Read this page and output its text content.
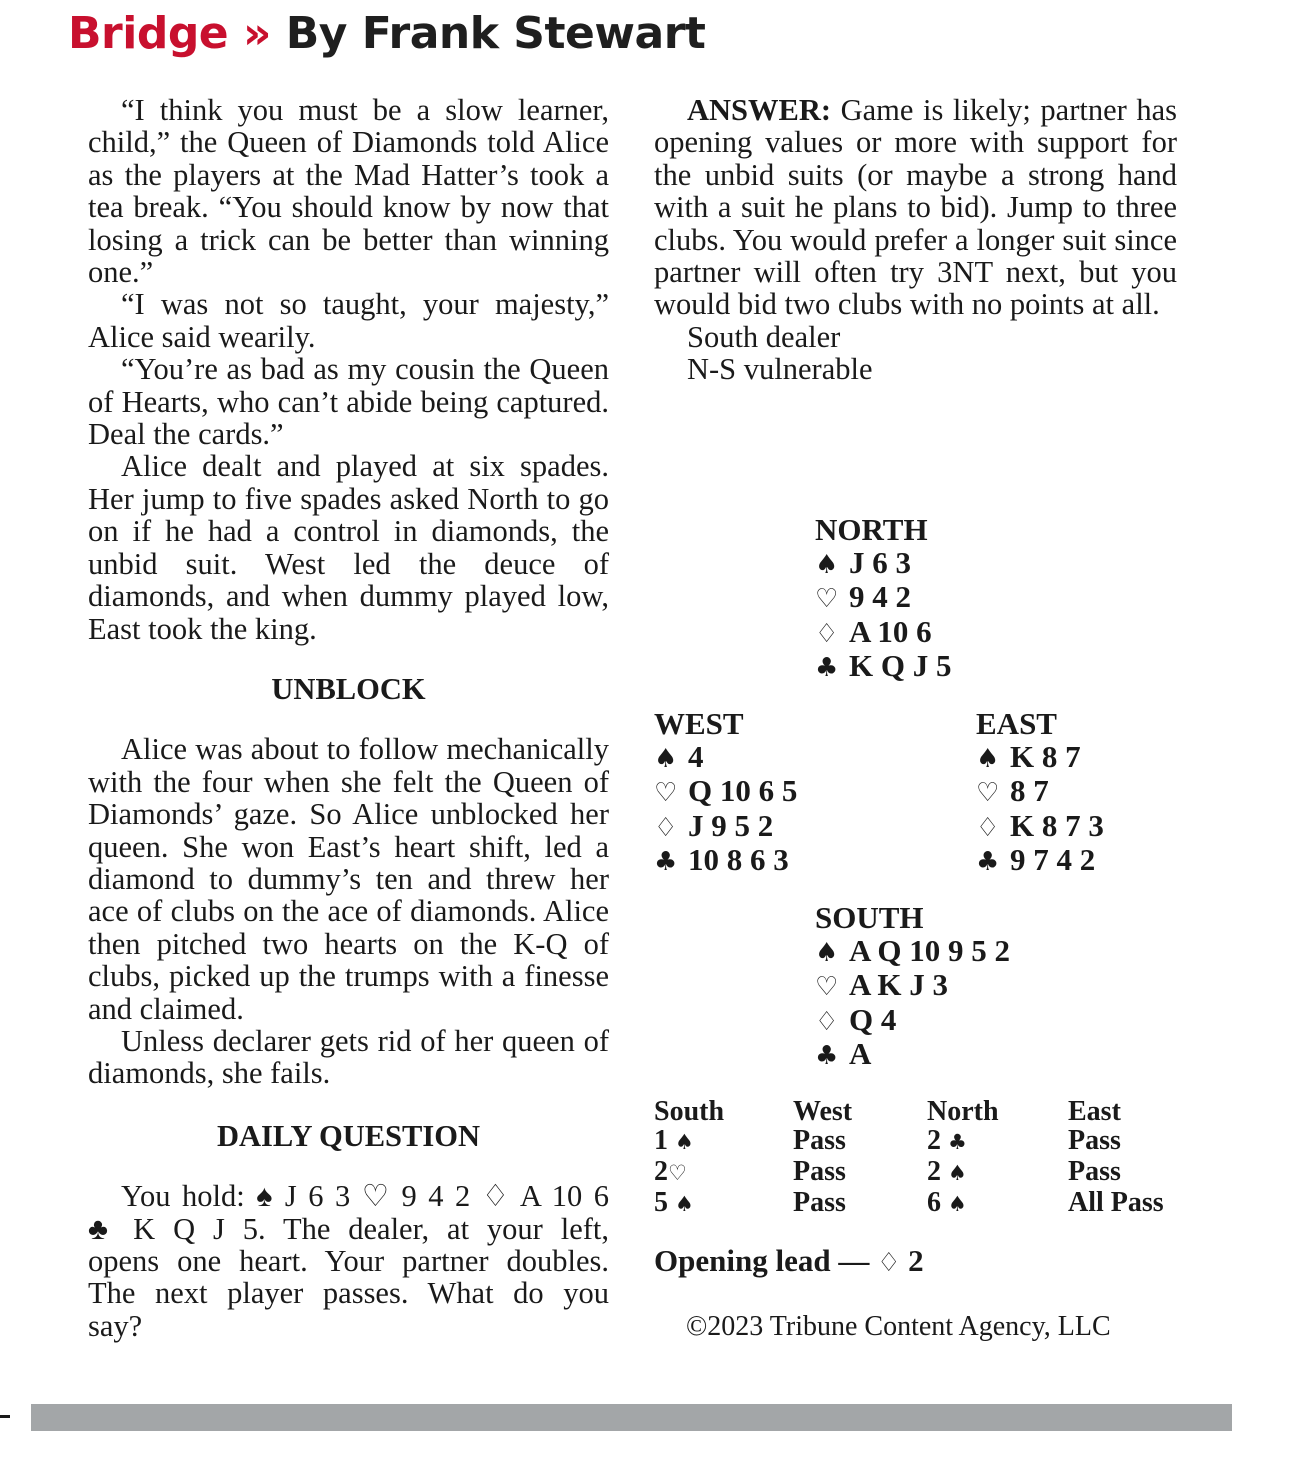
Bridge » By Frank Stewart

“I think you must be a slow learner, child,” the Queen of Diamonds told Alice as the players at the Mad Hatter’s took a tea break. “You should know by now that losing a trick can be better than winning one.”

“I was not so taught, your majesty,” Alice said wearily.

“You’re as bad as my cousin the Queen of Hearts, who can’t abide being captured. Deal the cards.”

Alice dealt and played at six spades. Her jump to five spades asked North to go on if he had a control in diamonds, the unbid suit. West led the deuce of diamonds, and when dummy played low, East took the king.

UNBLOCK

Alice was about to follow mechanically with the four when she felt the Queen of Diamonds’ gaze. So Alice unblocked her queen. She won East’s heart shift, led a diamond to dummy’s ten and threw her ace of clubs on the ace of diamonds. Alice then pitched two hearts on the K-Q of clubs, picked up the trumps with a finesse and claimed.

Unless declarer gets rid of her queen of diamonds, she fails.

DAILY QUESTION

You hold: ♠ J 6 3 ♡ 9 4 2 ♢ A 10 6 ♣ K Q J 5. The dealer, at your left, opens one heart. Your partner doubles. The next player passes. What do you say?

ANSWER: Game is likely; partner has opening values or more with support for the unbid suits (or maybe a strong hand with a suit he plans to bid). Jump to three clubs. You would prefer a longer suit since partner will often try 3NT next, but you would bid two clubs with no points at all.

South dealer

N-S vulnerable

NORTH
♠ J 6 3
♡ 9 4 2
♢ A 10 6
♣ K Q J 5
WEST
♠ 4
♡ Q 10 6 5
♢ J 9 5 2
♣ 10 8 6 3
EAST
♠ K 8 7
♡ 8 7
♢ K 8 7 3
♣ 9 7 4 2
SOUTH
♠ A Q 10 9 5 2
♡ A K J 3
♢ Q 4
♣ A
South	West	North	East
1 ♠	Pass	2 ♣	Pass
2♡	Pass	2 ♠	Pass
5 ♠	Pass	6 ♠	All Pass
Opening lead — ♢ 2
©2023 Tribune Content Agency, LLC
